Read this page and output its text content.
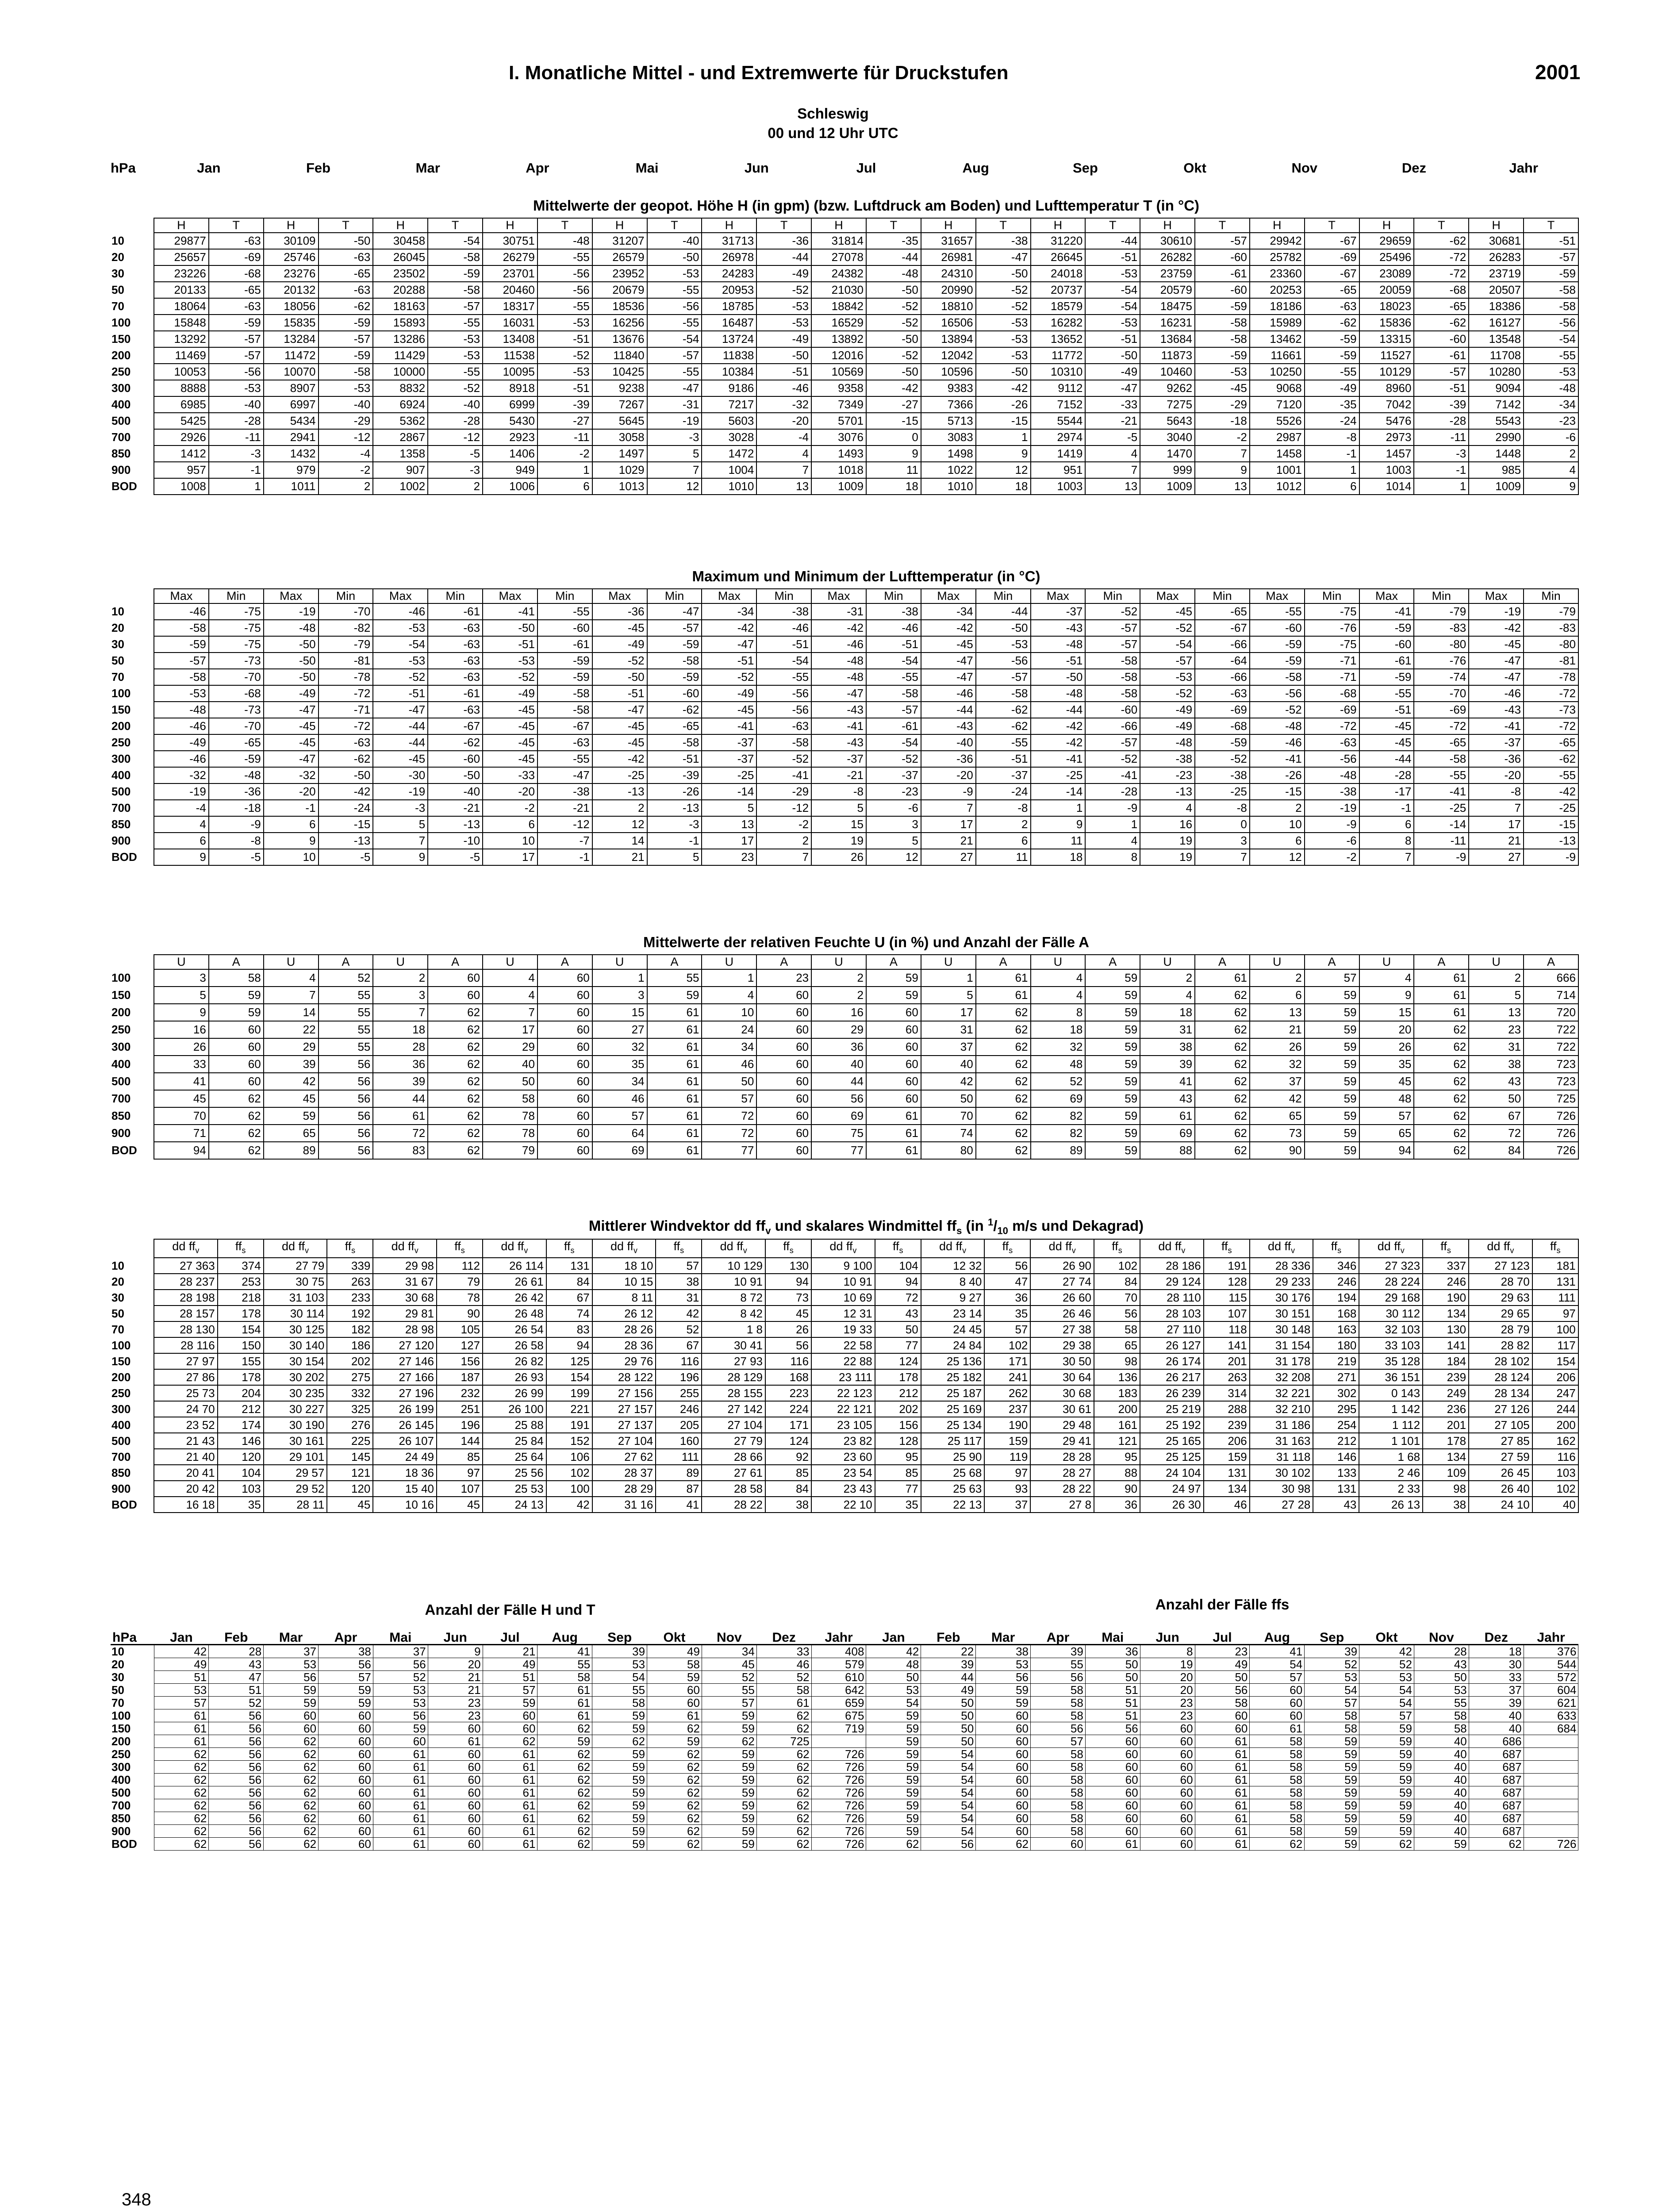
I. Monatliche Mittel - und Extremwerte für Druckstufen	2001
Schleswig
00 und 12 Uhr UTC
hPa	Jan	Feb	Mar	Apr	Mai	Jun	Jul	Aug	Sep	Okt	Nov	Dez	Jahr
Mittelwerte der geopot. Höhe H (in gpm) (bzw. Luftdruck am Boden) und Lufttemperatur T (in °C)
	H	T	H	T	H	T	H	T	H	T	H	T	H	T	H	T	H	T	H	T	H	T	H	T	H	T
10	29877	-63	30109	-50	30458	-54	30751	-48	31207	-40	31713	-36	31814	-35	31657	-38	31220	-44	30610	-57	29942	-67	29659	-62	30681	-51
20	25657	-69	25746	-63	26045	-58	26279	-55	26579	-50	26978	-44	27078	-44	26981	-47	26645	-51	26282	-60	25782	-69	25496	-72	26283	-57
30	23226	-68	23276	-65	23502	-59	23701	-56	23952	-53	24283	-49	24382	-48	24310	-50	24018	-53	23759	-61	23360	-67	23089	-72	23719	-59
50	20133	-65	20132	-63	20288	-58	20460	-56	20679	-55	20953	-52	21030	-50	20990	-52	20737	-54	20579	-60	20253	-65	20059	-68	20507	-58
70	18064	-63	18056	-62	18163	-57	18317	-55	18536	-56	18785	-53	18842	-52	18810	-52	18579	-54	18475	-59	18186	-63	18023	-65	18386	-58
100	15848	-59	15835	-59	15893	-55	16031	-53	16256	-55	16487	-53	16529	-52	16506	-53	16282	-53	16231	-58	15989	-62	15836	-62	16127	-56
150	13292	-57	13284	-57	13286	-53	13408	-51	13676	-54	13724	-49	13892	-50	13894	-53	13652	-51	13684	-58	13462	-59	13315	-60	13548	-54
200	11469	-57	11472	-59	11429	-53	11538	-52	11840	-57	11838	-50	12016	-52	12042	-53	11772	-50	11873	-59	11661	-59	11527	-61	11708	-55
250	10053	-56	10070	-58	10000	-55	10095	-53	10425	-55	10384	-51	10569	-50	10596	-50	10310	-49	10460	-53	10250	-55	10129	-57	10280	-53
300	8888	-53	8907	-53	8832	-52	8918	-51	9238	-47	9186	-46	9358	-42	9383	-42	9112	-47	9262	-45	9068	-49	8960	-51	9094	-48
400	6985	-40	6997	-40	6924	-40	6999	-39	7267	-31	7217	-32	7349	-27	7366	-26	7152	-33	7275	-29	7120	-35	7042	-39	7142	-34
500	5425	-28	5434	-29	5362	-28	5430	-27	5645	-19	5603	-20	5701	-15	5713	-15	5544	-21	5643	-18	5526	-24	5476	-28	5543	-23
700	2926	-11	2941	-12	2867	-12	2923	-11	3058	-3	3028	-4	3076	0	3083	1	2974	-5	3040	-2	2987	-8	2973	-11	2990	-6
850	1412	-3	1432	-4	1358	-5	1406	-2	1497	5	1472	4	1493	9	1498	9	1419	4	1470	7	1458	-1	1457	-3	1448	2
900	957	-1	979	-2	907	-3	949	1	1029	7	1004	7	1018	11	1022	12	951	7	999	9	1001	1	1003	-1	985	4
BOD	1008	1	1011	2	1002	2	1006	6	1013	12	1010	13	1009	18	1010	18	1003	13	1009	13	1012	6	1014	1	1009	9
Maximum und Minimum der Lufttemperatur (in °C)
	Max	Min	Max	Min	Max	Min	Max	Min	Max	Min	Max	Min	Max	Min	Max	Min	Max	Min	Max	Min	Max	Min	Max	Min	Max	Min
10	-46	-75	-19	-70	-46	-61	-41	-55	-36	-47	-34	-38	-31	-38	-34	-44	-37	-52	-45	-65	-55	-75	-41	-79	-19	-79
20	-58	-75	-48	-82	-53	-63	-50	-60	-45	-57	-42	-46	-42	-46	-42	-50	-43	-57	-52	-67	-60	-76	-59	-83	-42	-83
30	-59	-75	-50	-79	-54	-63	-51	-61	-49	-59	-47	-51	-46	-51	-45	-53	-48	-57	-54	-66	-59	-75	-60	-80	-45	-80
50	-57	-73	-50	-81	-53	-63	-53	-59	-52	-58	-51	-54	-48	-54	-47	-56	-51	-58	-57	-64	-59	-71	-61	-76	-47	-81
70	-58	-70	-50	-78	-52	-63	-52	-59	-50	-59	-52	-55	-48	-55	-47	-57	-50	-58	-53	-66	-58	-71	-59	-74	-47	-78
100	-53	-68	-49	-72	-51	-61	-49	-58	-51	-60	-49	-56	-47	-58	-46	-58	-48	-58	-52	-63	-56	-68	-55	-70	-46	-72
150	-48	-73	-47	-71	-47	-63	-45	-58	-47	-62	-45	-56	-43	-57	-44	-62	-44	-60	-49	-69	-52	-69	-51	-69	-43	-73
200	-46	-70	-45	-72	-44	-67	-45	-67	-45	-65	-41	-63	-41	-61	-43	-62	-42	-66	-49	-68	-48	-72	-45	-72	-41	-72
250	-49	-65	-45	-63	-44	-62	-45	-63	-45	-58	-37	-58	-43	-54	-40	-55	-42	-57	-48	-59	-46	-63	-45	-65	-37	-65
300	-46	-59	-47	-62	-45	-60	-45	-55	-42	-51	-37	-52	-37	-52	-36	-51	-41	-52	-38	-52	-41	-56	-44	-58	-36	-62
400	-32	-48	-32	-50	-30	-50	-33	-47	-25	-39	-25	-41	-21	-37	-20	-37	-25	-41	-23	-38	-26	-48	-28	-55	-20	-55
500	-19	-36	-20	-42	-19	-40	-20	-38	-13	-26	-14	-29	-8	-23	-9	-24	-14	-28	-13	-25	-15	-38	-17	-41	-8	-42
700	-4	-18	-1	-24	-3	-21	-2	-21	2	-13	5	-12	5	-6	7	-8	1	-9	4	-8	2	-19	-1	-25	7	-25
850	4	-9	6	-15	5	-13	6	-12	12	-3	13	-2	15	3	17	2	9	1	16	0	10	-9	6	-14	17	-15
900	6	-8	9	-13	7	-10	10	-7	14	-1	17	2	19	5	21	6	11	4	19	3	6	-6	8	-11	21	-13
BOD	9	-5	10	-5	9	-5	17	-1	21	5	23	7	26	12	27	11	18	8	19	7	12	-2	7	-9	27	-9
Mittelwerte der relativen Feuchte U (in %) und Anzahl der Fälle A
	U	A	U	A	U	A	U	A	U	A	U	A	U	A	U	A	U	A	U	A	U	A	U	A	U	A
100	3	58	4	52	2	60	4	60	1	55	1	23	2	59	1	61	4	59	2	61	2	57	4	61	2	666
150	5	59	7	55	3	60	4	60	3	59	4	60	2	59	5	61	4	59	4	62	6	59	9	61	5	714
200	9	59	14	55	7	62	7	60	15	61	10	60	16	60	17	62	8	59	18	62	13	59	15	61	13	720
250	16	60	22	55	18	62	17	60	27	61	24	60	29	60	31	62	18	59	31	62	21	59	20	62	23	722
300	26	60	29	55	28	62	29	60	32	61	34	60	36	60	37	62	32	59	38	62	26	59	26	62	31	722
400	33	60	39	56	36	62	40	60	35	61	46	60	40	60	40	62	48	59	39	62	32	59	35	62	38	723
500	41	60	42	56	39	62	50	60	34	61	50	60	44	60	42	62	52	59	41	62	37	59	45	62	43	723
700	45	62	45	56	44	62	58	60	46	61	57	60	56	60	50	62	69	59	43	62	42	59	48	62	50	725
850	70	62	59	56	61	62	78	60	57	61	72	60	69	61	70	62	82	59	61	62	65	59	57	62	67	726
900	71	62	65	56	72	62	78	60	64	61	72	60	75	61	74	62	82	59	69	62	73	59	65	62	72	726
BOD	94	62	89	56	83	62	79	60	69	61	77	60	77	61	80	62	89	59	88	62	90	59	94	62	84	726
Mittlerer Windvektor dd $ff_v$ und skalares Windmittel $ff_s$ (in $^1/_{10}$ m/s und Dekagrad)
	dd $ff_v$	$ff_s$	dd $ff_v$	$ff_s$	dd $ff_v$	$ff_s$	dd $ff_v$	$ff_s$	dd $ff_v$	$ff_s$	dd $ff_v$	$ff_s$	dd $ff_v$	$ff_s$	dd $ff_v$	$ff_s$	dd $ff_v$	$ff_s$	dd $ff_v$	$ff_s$	dd $ff_v$	$ff_s$	dd $ff_v$	$ff_s$	dd $ff_v$	$ff_s$
10	27 363	374	27 79	339	29 98	112	26 114	131	18 10	57	10 129	130	9 100	104	12 32	56	26 90	102	28 186	191	28 336	346	27 323	337	27 123	181
20	28 237	253	30 75	263	31 67	79	26 61	84	10 15	38	10 91	94	10 91	94	8 40	47	27 74	84	29 124	128	29 233	246	28 224	246	28 70	131
30	28 198	218	31 103	233	30 68	78	26 42	67	8 11	31	8 72	73	10 69	72	9 27	36	26 60	70	28 110	115	30 176	194	29 168	190	29 63	111
50	28 157	178	30 114	192	29 81	90	26 48	74	26 12	42	8 42	45	12 31	43	23 14	35	26 46	56	28 103	107	30 151	168	30 112	134	29 65	97
70	28 130	154	30 125	182	28 98	105	26 54	83	28 26	52	1 8	26	19 33	50	24 45	57	27 38	58	27 110	118	30 148	163	32 103	130	28 79	100
100	28 116	150	30 140	186	27 120	127	26 58	94	28 36	67	30 41	56	22 58	77	24 84	102	29 38	65	26 127	141	31 154	180	33 103	141	28 82	117
150	27 97	155	30 154	202	27 146	156	26 82	125	29 76	116	27 93	116	22 88	124	25 136	171	30 50	98	26 174	201	31 178	219	35 128	184	28 102	154
200	27 86	178	30 202	275	27 166	187	26 93	154	28 122	196	28 129	168	23 111	178	25 182	241	30 64	136	26 217	263	32 208	271	36 151	239	28 124	206
250	25 73	204	30 235	332	27 196	232	26 99	199	27 156	255	28 155	223	22 123	212	25 187	262	30 68	183	26 239	314	32 221	302	0 143	249	28 134	247
300	24 70	212	30 227	325	26 199	251	26 100	221	27 157	246	27 142	224	22 121	202	25 169	237	30 61	200	25 219	288	32 210	295	1 142	236	27 126	244
400	23 52	174	30 190	276	26 145	196	25 88	191	27 137	205	27 104	171	23 105	156	25 134	190	29 48	161	25 192	239	31 186	254	1 112	201	27 105	200
500	21 43	146	30 161	225	26 107	144	25 84	152	27 104	160	27 79	124	23 82	128	25 117	159	29 41	121	25 165	206	31 163	212	1 101	178	27 85	162
700	21 40	120	29 101	145	24 49	85	25 64	106	27 62	111	28 66	92	23 60	95	25 90	119	28 28	95	25 125	159	31 118	146	1 68	134	27 59	116
850	20 41	104	29 57	121	18 36	97	25 56	102	28 37	89	27 61	85	23 54	85	25 68	97	28 27	88	24 104	131	30 102	133	2 46	109	26 45	103
900	20 42	103	29 52	120	15 40	107	25 53	100	28 29	87	28 58	84	23 43	77	25 63	93	28 22	90	24 97	134	30 98	131	2 33	98	26 40	102
BOD	16 18	35	28 11	45	10 16	45	24 13	42	31 16	41	28 22	38	22 10	35	22 13	37	27 8	36	26 30	46	27 28	43	26 13	38	24 10	40
Anzahl der Fälle H und T	Anzahl der Fälle ffs
hPa	Jan	Feb	Mar	Apr	Mai	Jun	Jul	Aug	Sep	Okt	Nov	Dez	Jahr	Jan	Feb	Mar	Apr	Mai	Jun	Jul	Aug	Sep	Okt	Nov	Dez	Jahr
10	42	28	37	38	37	9	21	41	39	49	34	33	408	42	22	38	39	36	8	23	41	39	42	28	18	376
20	49	43	53	56	56	20	49	55	53	58	45	46	579	48	39	53	55	50	19	49	54	52	52	43	30	544
30	51	47	56	57	52	21	51	58	54	59	52	52	610	50	44	56	56	50	20	50	57	53	53	50	33	572
50	53	51	59	59	53	21	57	61	55	60	55	58	642	53	49	59	58	51	20	56	60	54	54	53	37	604
70	57	52	59	59	53	23	59	61	58	60	57	61	659	54	50	59	58	51	23	58	60	57	54	55	39	621
100	61	56	60	60	56	23	60	61	59	61	59	62	675	59	50	60	58	51	23	60	60	58	57	58	40	633
150	61	56	60	60	59	60	60	62	59	62	59	62	719	59	50	60	56	56	60	60	61	58	59	58	40	684
200	61	56	62	60	60	61	62	59	62	59	62	725		59	50	60	57	60	60	61	58	59	59	40	686	
250	62	56	62	60	61	60	61	62	59	62	59	62	726	59	54	60	58	60	60	61	58	59	59	40	687	
300	62	56	62	60	61	60	61	62	59	62	59	62	726	59	54	60	58	60	60	61	58	59	59	40	687	
400	62	56	62	60	61	60	61	62	59	62	59	62	726	59	54	60	58	60	60	61	58	59	59	40	687	
500	62	56	62	60	61	60	61	62	59	62	59	62	726	59	54	60	58	60	60	61	58	59	59	40	687	
700	62	56	62	60	61	60	61	62	59	62	59	62	726	59	54	60	58	60	60	61	58	59	59	40	687	
850	62	56	62	60	61	60	61	62	59	62	59	62	726	59	54	60	58	60	60	61	58	59	59	40	687	
900	62	56	62	60	61	60	61	62	59	62	59	62	726	59	54	60	58	60	60	61	58	59	59	40	687	
BOD	62	56	62	60	61	60	61	62	59	62	59	62	726	62	56	62	60	61	60	61	62	59	62	59	62	726
348
